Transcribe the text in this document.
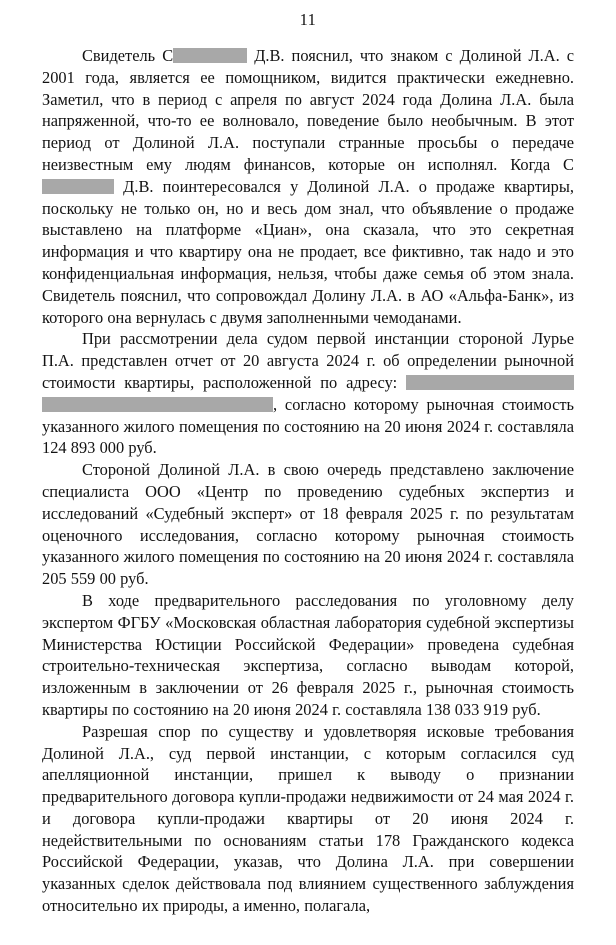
11

Свидетель С	Д.В. пояснил, что знаком с Долиной Л.А. с 2001 года, является ее помощником, видится практически ежедневно. Заметил, что в период с апреля по август 2024 года Долина Л.А. была напряженной, что-то ее волновало, поведение было необычным. В этот период от Долиной Л.А. поступали странные просьбы о передаче неизвестным ему людям финансов, которые он исполнял. Когда С Д.В. поинтересовался у Долиной Л.А. о продаже квартиры, поскольку не только он, но и весь дом знал, что объявление о продаже выставлено на платформе «Циан», она сказала, что это секретная информация и что квартиру она не продает, все фиктивно, так надо и это конфиденциальная информация, нельзя, чтобы даже семья об этом знала. Свидетель пояснил, что сопровождал Долину Л.А. в АО «Альфа-Банк», из которого она вернулась с двумя заполненными чемоданами.

При рассмотрении дела судом первой инстанции стороной Лурье П.А. представлен отчет от 20 августа 2024 г. об определении рыночной стоимости квартиры, расположенной по адресу: , согласно которому рыночная стоимость указанного жилого помещения по состоянию на 20 июня 2024 г. составляла 124 893 000 руб.

Стороной Долиной Л.А. в свою очередь представлено заключение специалиста ООО «Центр по проведению судебных экспертиз и исследований «Судебный эксперт» от 18 февраля 2025 г. по результатам оценочного исследования, согласно которому рыночная стоимость указанного жилого помещения по состоянию на 20 июня 2024 г. составляла 205 559 00 руб.

В ходе предварительного расследования по уголовному делу экспертом ФГБУ «Московская областная лаборатория судебной экспертизы Министерства Юстиции Российской Федерации» проведена судебная строительно-техническая экспертиза, согласно выводам которой, изложенным в заключении от 26 февраля 2025 г., рыночная стоимость квартиры по состоянию на 20 июня 2024 г. составляла 138 033 919 руб.

Разрешая спор по существу и удовлетворяя исковые требования Долиной Л.А., суд первой инстанции, с которым согласился суд апелляционной инстанции, пришел к выводу о признании предварительного договора купли-продажи недвижимости от 24 мая 2024 г. и договора купли-продажи квартиры от 20 июня 2024 г. недействительными по основаниям статьи 178 Гражданского кодекса Российской Федерации, указав, что Долина Л.А. при совершении указанных сделок действовала под влиянием существенного заблуждения относительно их природы, а именно, полагала,
